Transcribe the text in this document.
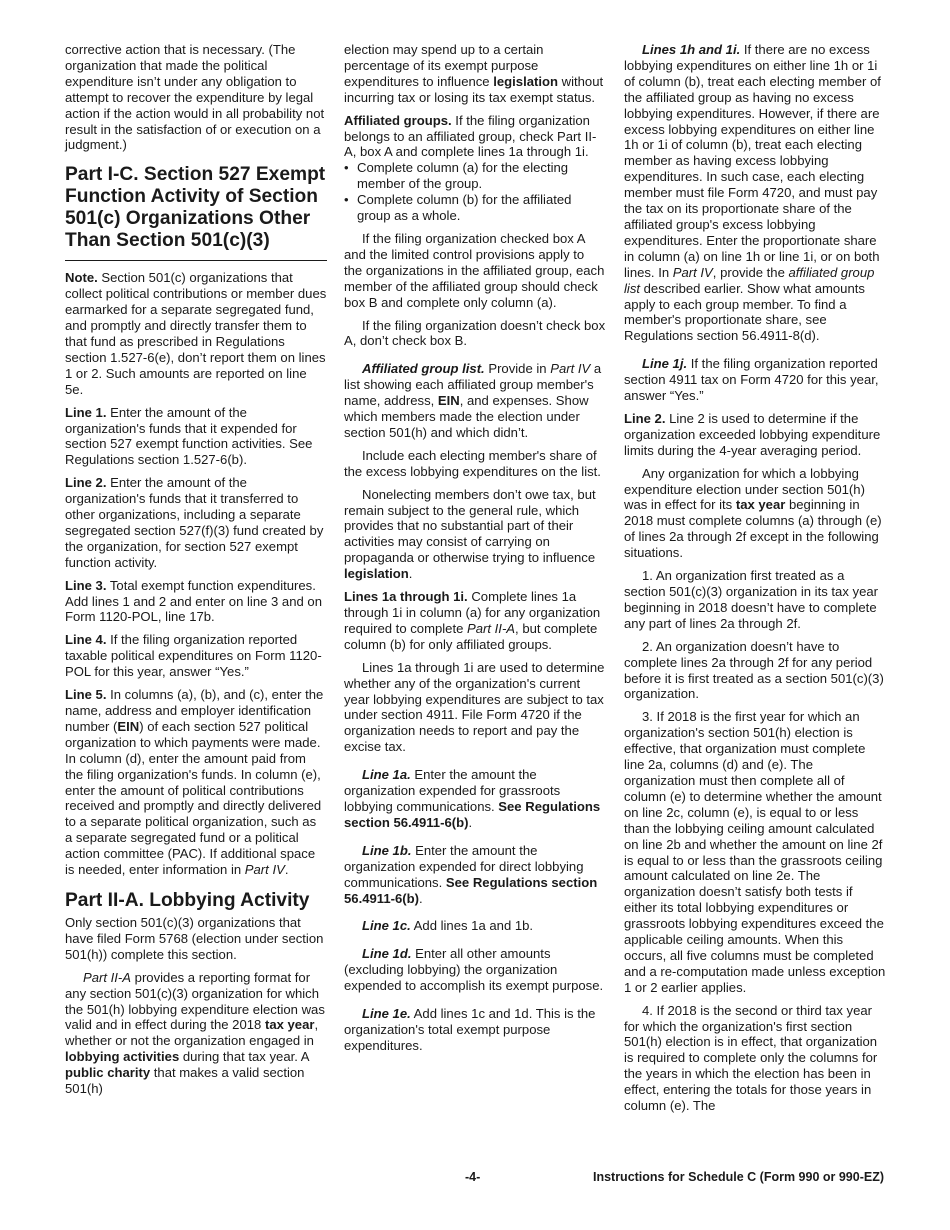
corrective action that is necessary. (The organization that made the political expenditure isn’t under any obligation to attempt to recover the expenditure by legal action if the action would in all probability not result in the satisfaction of or execution on a judgment.)

Part I-C. Section 527 Exempt Function Activity of Section 501(c) Organizations Other Than Section 501(c)(3)

Note. Section 501(c) organizations that collect political contributions or member dues earmarked for a separate segregated fund, and promptly and directly transfer them to that fund as prescribed in Regulations section 1.527-6(e), don’t report them on lines 1 or 2. Such amounts are reported on line 5e.

Line 1. Enter the amount of the organization's funds that it expended for section 527 exempt function activities. See Regulations section 1.527-6(b).

Line 2. Enter the amount of the organization's funds that it transferred to other organizations, including a separate segregated section 527(f)(3) fund created by the organization, for section 527 exempt function activity.

Line 3. Total exempt function expenditures. Add lines 1 and 2 and enter on line 3 and on Form 1120-POL, line 17b.

Line 4. If the filing organization reported taxable political expenditures on Form 1120-POL for this year, answer “Yes.”

Line 5. In columns (a), (b), and (c), enter the name, address and employer identification number (EIN) of each section 527 political organization to which payments were made. In column (d), enter the amount paid from the filing organization's funds. In column (e), enter the amount of political contributions received and promptly and directly delivered to a separate political organization, such as a separate segregated fund or a political action committee (PAC). If additional space is needed, enter information in Part IV.

Part II-A. Lobbying Activity

Only section 501(c)(3) organizations that have filed Form 5768 (election under section 501(h)) complete this section.

Part II-A provides a reporting format for any section 501(c)(3) organization for which the 501(h) lobbying expenditure election was valid and in effect during the 2018 tax year, whether or not the organization engaged in lobbying activities during that tax year. A public charity that makes a valid section 501(h)

election may spend up to a certain percentage of its exempt purpose expenditures to influence legislation without incurring tax or losing its tax exempt status.

Affiliated groups. If the filing organization belongs to an affiliated group, check Part II-A, box A and complete lines 1a through 1i.

• Complete column (a) for the electing member of the group.
• Complete column (b) for the affiliated group as a whole.

If the filing organization checked box A and the limited control provisions apply to the organizations in the affiliated group, each member of the affiliated group should check box B and complete only column (a).

If the filing organization doesn’t check box A, don’t check box B.

Affiliated group list. Provide in Part IV a list showing each affiliated group member's name, address, EIN, and expenses. Show which members made the election under section 501(h) and which didn’t.

Include each electing member's share of the excess lobbying expenditures on the list.

Nonelecting members don’t owe tax, but remain subject to the general rule, which provides that no substantial part of their activities may consist of carrying on propaganda or otherwise trying to influence legislation.

Lines 1a through 1i. Complete lines 1a through 1i in column (a) for any organization required to complete Part II-A, but complete column (b) for only affiliated groups.

Lines 1a through 1i are used to determine whether any of the organization's current year lobbying expenditures are subject to tax under section 4911. File Form 4720 if the organization needs to report and pay the excise tax.

Line 1a. Enter the amount the organization expended for grassroots lobbying communications. See Regulations section 56.4911-6(b).

Line 1b. Enter the amount the organization expended for direct lobbying communications. See Regulations section 56.4911-6(b).

Line 1c. Add lines 1a and 1b.

Line 1d. Enter all other amounts (excluding lobbying) the organization expended to accomplish its exempt purpose.

Line 1e. Add lines 1c and 1d. This is the organization's total exempt purpose expenditures.

Lines 1h and 1i. If there are no excess lobbying expenditures on either line 1h or 1i of column (b), treat each electing member of the affiliated group as having no excess lobbying expenditures. However, if there are excess lobbying expenditures on either line 1h or 1i of column (b), treat each electing member as having excess lobbying expenditures. In such case, each electing member must file Form 4720, and must pay the tax on its proportionate share of the affiliated group's excess lobbying expenditures. Enter the proportionate share in column (a) on line 1h or line 1i, or on both lines. In Part IV, provide the affiliated group list described earlier. Show what amounts apply to each group member. To find a member's proportionate share, see Regulations section 56.4911-8(d).

Line 1j. If the filing organization reported section 4911 tax on Form 4720 for this year, answer “Yes.”

Line 2. Line 2 is used to determine if the organization exceeded lobbying expenditure limits during the 4-year averaging period.

Any organization for which a lobbying expenditure election under section 501(h) was in effect for its tax year beginning in 2018 must complete columns (a) through (e) of lines 2a through 2f except in the following situations.

1. An organization first treated as a section 501(c)(3) organization in its tax year beginning in 2018 doesn’t have to complete any part of lines 2a through 2f.

2. An organization doesn’t have to complete lines 2a through 2f for any period before it is first treated as a section 501(c)(3) organization.

3. If 2018 is the first year for which an organization's section 501(h) election is effective, that organization must complete line 2a, columns (d) and (e). The organization must then complete all of column (e) to determine whether the amount on line 2c, column (e), is equal to or less than the lobbying ceiling amount calculated on line 2b and whether the amount on line 2f is equal to or less than the grassroots ceiling amount calculated on line 2e. The organization doesn’t satisfy both tests if either its total lobbying expenditures or grassroots lobbying expenditures exceed the applicable ceiling amounts. When this occurs, all five columns must be completed and a re-computation made unless exception 1 or 2 earlier applies.

4. If 2018 is the second or third tax year for which the organization's first section 501(h) election is in effect, that organization is required to complete only the columns for the years in which the election has been in effect, entering the totals for those years in column (e). The

-4-	Instructions for Schedule C (Form 990 or 990-EZ)
